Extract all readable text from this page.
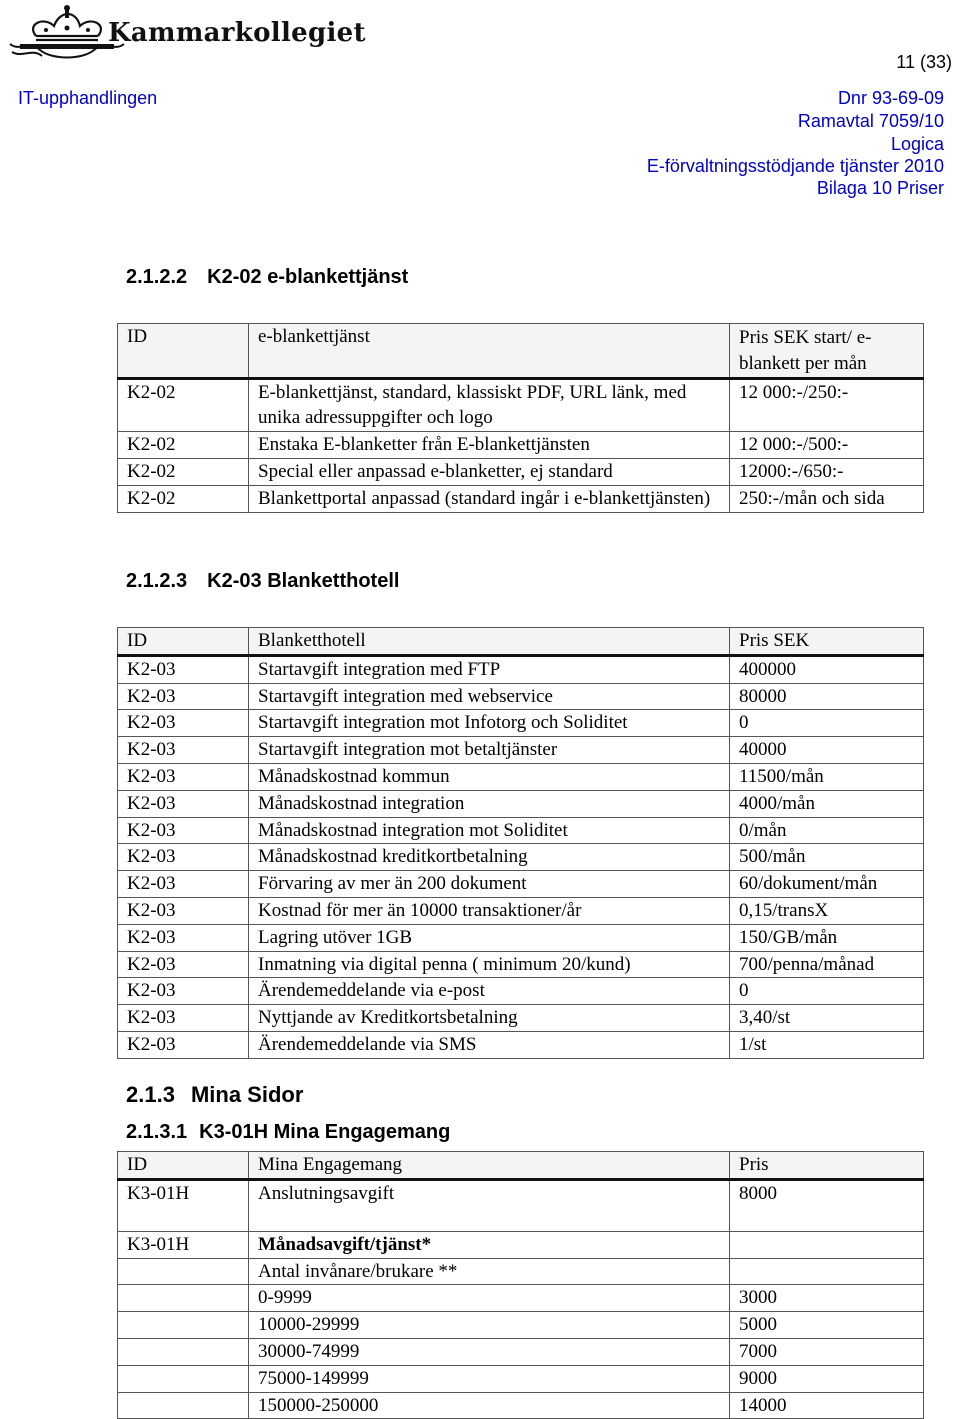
Kammarkollegiet
11 (33)
IT-upphandlingen	Dnr 93-69-09
Ramavtal 7059/10
Logica
E-förvaltningsstödjande tjänster 2010
Bilaga 10 Priser
2.1.2.2 K2-02 e-blankettjänst
ID	e-blankettjänst	Pris SEK start/ e-blankett per mån
K2-02	E-blankettjänst, standard, klassiskt PDF, URL länk, med unika adressuppgifter och logo	12 000:-/250:-
K2-02	Enstaka E-blanketter från E-blankettjänsten	12 000:-/500:-
K2-02	Special eller anpassad e-blanketter, ej standard	12000:-/650:-
K2-02	Blankettportal anpassad (standard ingår i e-blankettjänsten)	250:-/mån och sida
2.1.2.3 K2-03 Blanketthotell
ID	Blanketthotell	Pris SEK
K2-03	Startavgift integration med FTP	400000
K2-03	Startavgift integration med webservice	80000
K2-03	Startavgift integration mot Infotorg och Soliditet	0
K2-03	Startavgift integration mot betaltjänster	40000
K2-03	Månadskostnad kommun	11500/mån
K2-03	Månadskostnad integration	4000/mån
K2-03	Månadskostnad integration mot Soliditet	0/mån
K2-03	Månadskostnad kreditkortbetalning	500/mån
K2-03	Förvaring av mer än 200 dokument	60/dokument/mån
K2-03	Kostnad för mer än 10000 transaktioner/år	0,15/transX
K2-03	Lagring utöver 1GB	150/GB/mån
K2-03	Inmatning via digital penna ( minimum 20/kund)	700/penna/månad
K2-03	Ärendemeddelande via e-post	0
K2-03	Nyttjande av Kreditkortsbetalning	3,40/st
K2-03	Ärendemeddelande via SMS	1/st
2.1.3 Mina Sidor
2.1.3.1 K3-01H Mina Engagemang
ID	Mina Engagemang	Pris
K3-01H	Anslutningsavgift	8000
K3-01H	Månadsavgift/tjänst*	
	Antal invånare/brukare **	
	0-9999	3000
	10000-29999	5000
	30000-74999	7000
	75000-149999	9000
	150000-250000	14000
